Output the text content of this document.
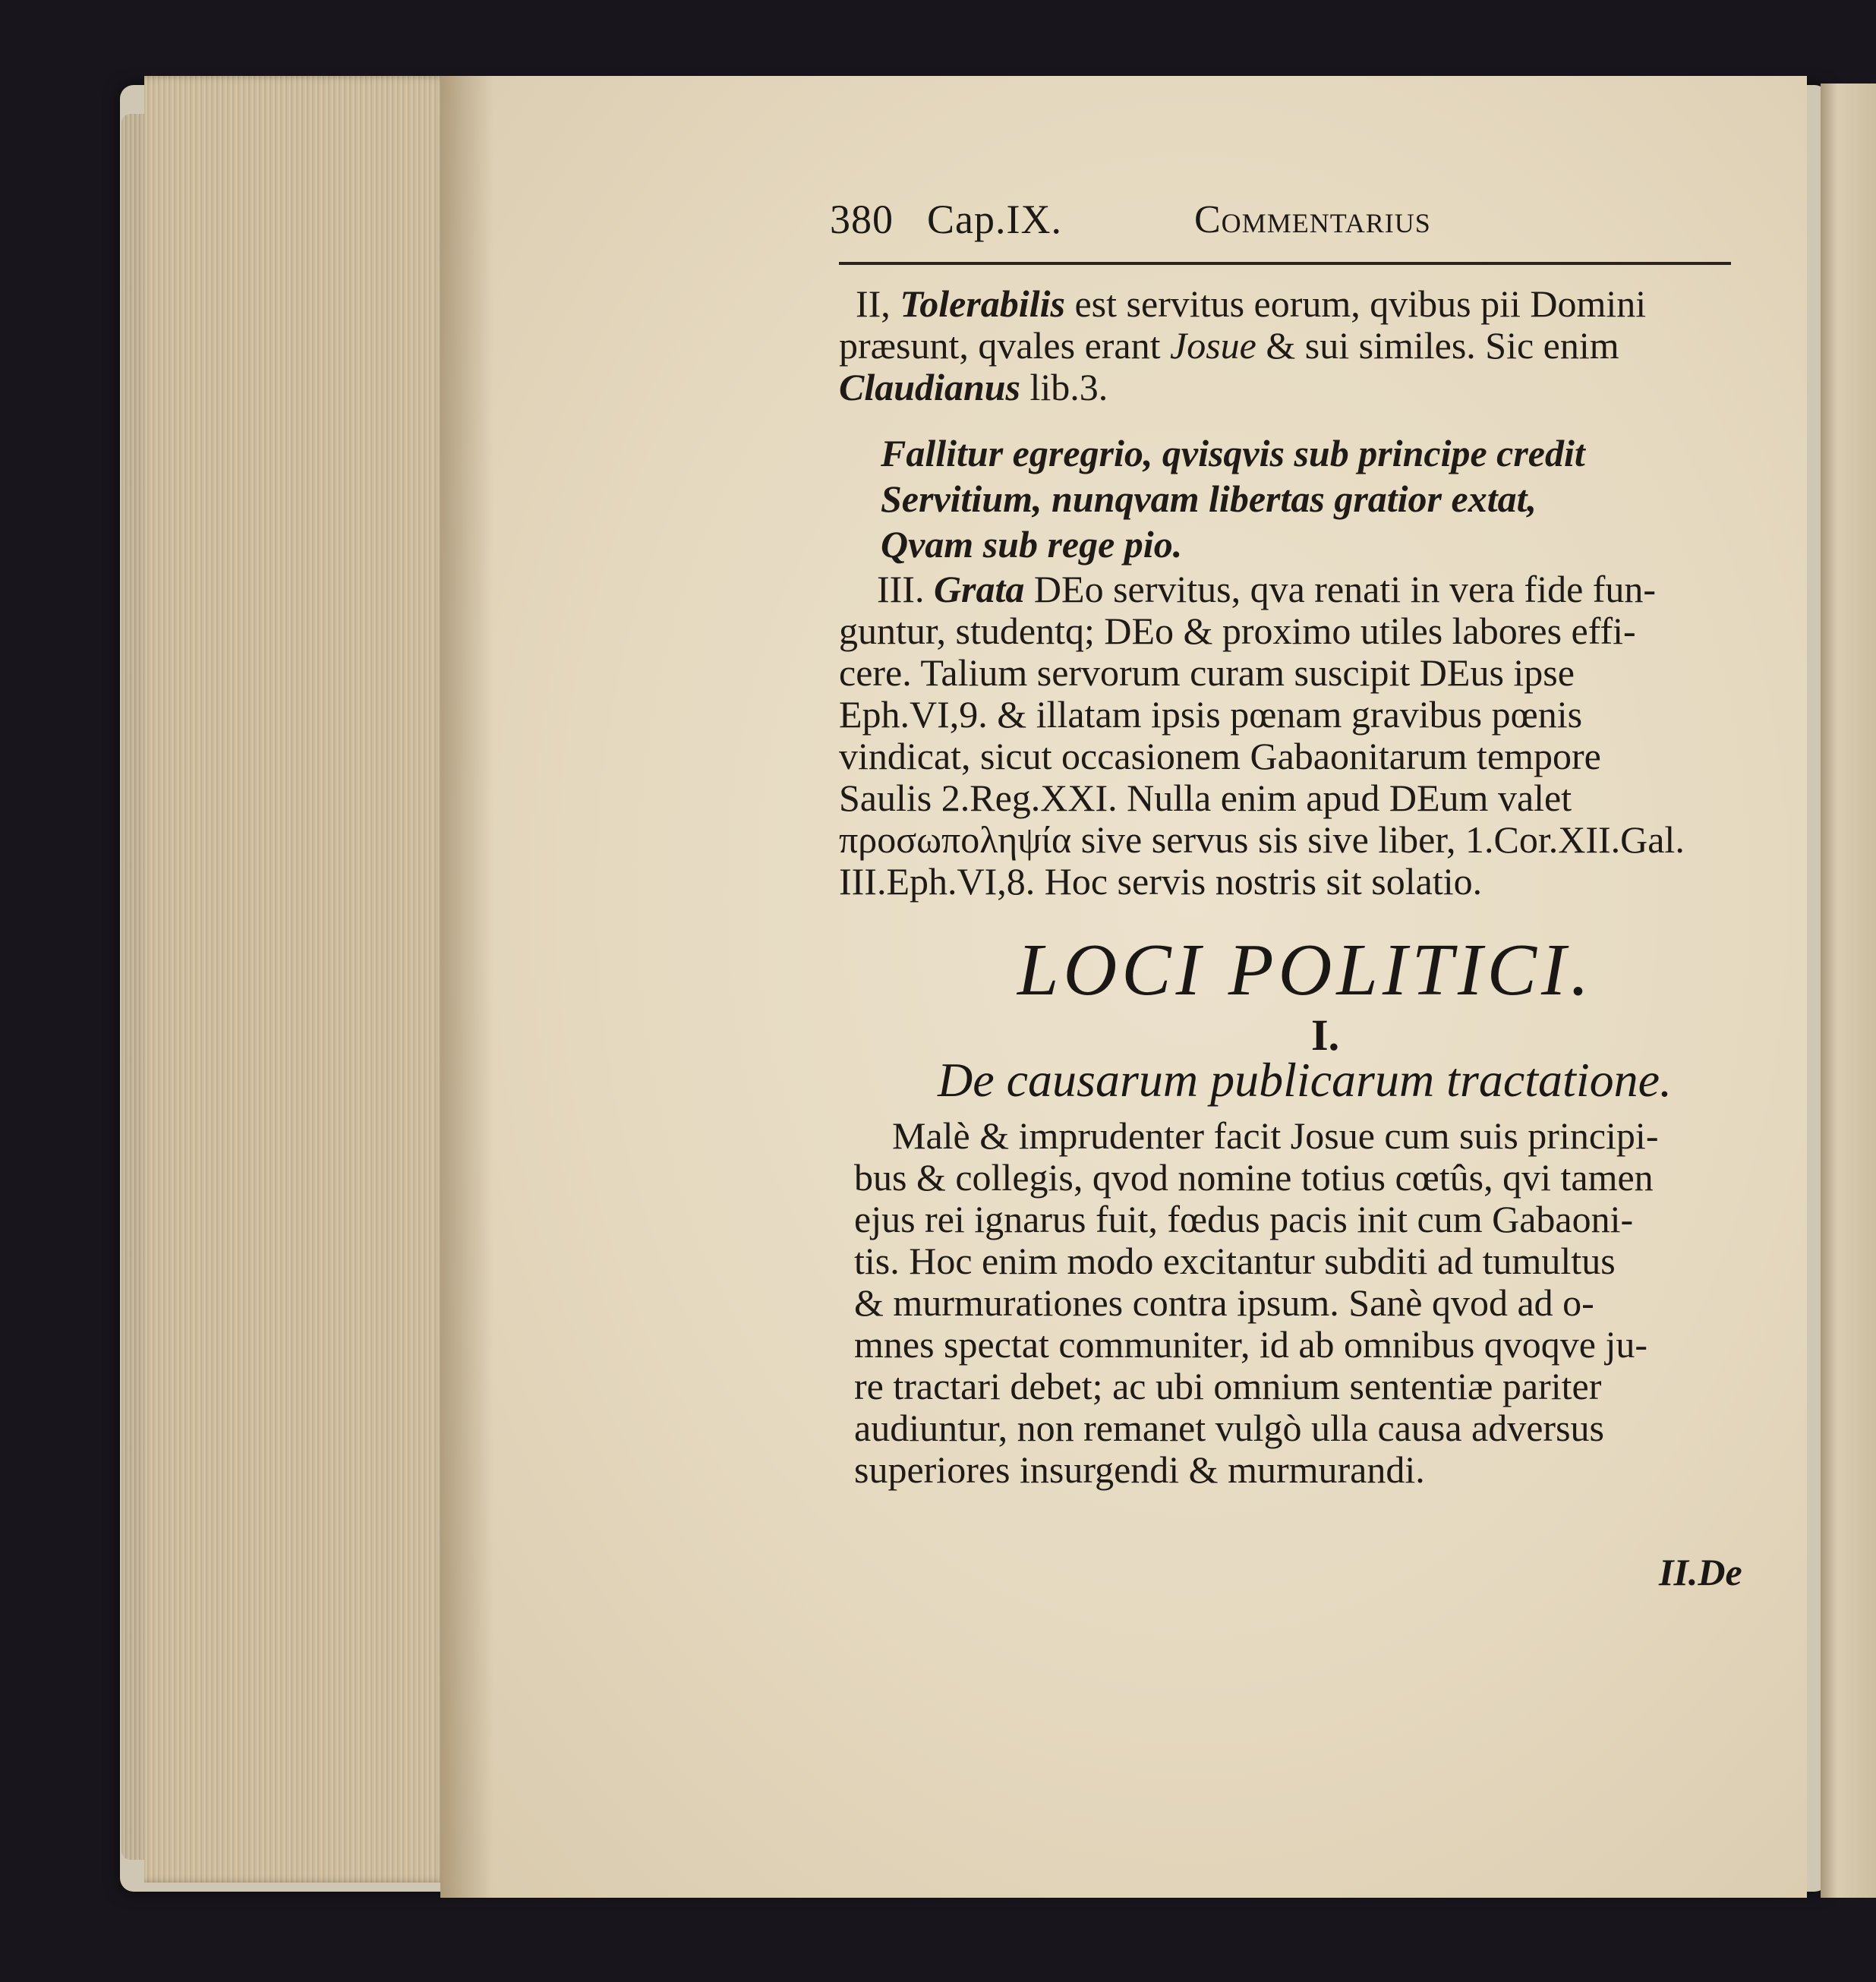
380 Cap.IX.	Commentarius
II, Tolerabilis est servitus eorum, qvibus pii Domini
præsunt, qvales erant Josue & sui similes. Sic enim
Claudianus lib.3.
Fallitur egregrio, qvisqvis sub principe credit
Servitium, nunqvam libertas gratior extat,
Qvam sub rege pio.
III. Grata DEo servitus, qva renati in vera fide fun-
guntur, studentq; DEo & proximo utiles labores effi-
cere. Talium servorum curam suscipit DEus ipse
Eph.VI,9. & illatam ipsis pœnam gravibus pœnis
vindicat, sicut occasionem Gabaonitarum tempore
Saulis 2.Reg.XXI. Nulla enim apud DEum valet
προσωποληψία sive servus sis sive liber, 1.Cor.XII.Gal.
III.Eph.VI,8. Hoc servis nostris sit solatio.
LOCI POLITICI.
I.
De causarum publicarum tractatione.
Malè & imprudenter facit Josue cum suis principi-
bus & collegis, qvod nomine totius cœtûs, qvi tamen
ejus rei ignarus fuit, fœdus pacis init cum Gabaoni-
tis. Hoc enim modo excitantur subditi ad tumultus
& murmurationes contra ipsum. Sanè qvod ad o-
mnes spectat communiter, id ab omnibus qvoqve ju-
re tractari debet; ac ubi omnium sententiæ pariter
audiuntur, non remanet vulgò ulla causa adversus
superiores insurgendi & murmurandi.
II.De
